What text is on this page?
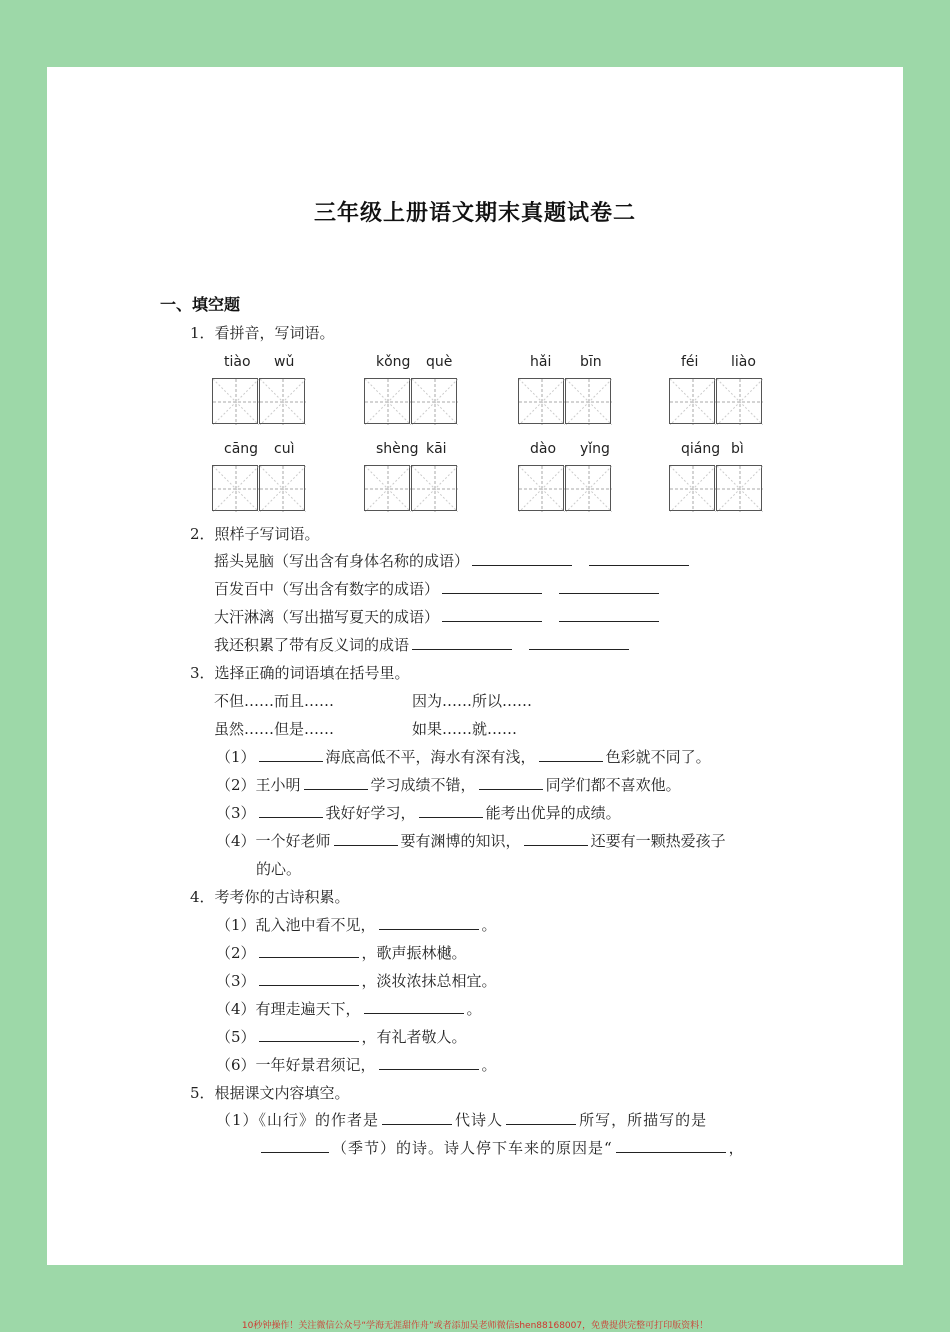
三年级上册语文期末真题试卷二
一、填空题
1．看拼音，写词语。
tiào wǔ	kǒng què	hǎi bīn	féi liào
cāng cuì	shèng kāi	dào yǐng	qiáng bì
2．照样子写词语。
摇头晃脑（写出含有身体名称的成语）
百发百中（写出含有数字的成语）
大汗淋漓（写出描写夏天的成语）
我还积累了带有反义词的成语
3．选择正确的词语填在括号里。
不但……而且……	因为……所以……
虽然……但是……	如果……就……
（1）	海底高低不平，海水有深有浅，	色彩就不同了。
（2）王小明	学习成绩不错，	同学们都不喜欢他。
（3）	我好好学习，	能考出优异的成绩。
（4）一个好老师	要有渊博的知识，	还要有一颗热爱孩子
的心。
4．考考你的古诗积累。
（1）乱入池中看不见，	。
（2）	，歌声振林樾。
（3）	，淡妆浓抹总相宜。
（4）有理走遍天下，	。
（5）	，有礼者敬人。
（6）一年好景君须记，	。
5．根据课文内容填空。
（1）《山行》的作者是	代诗人	所写，所描写的是
（季节）的诗。诗人停下车来的原因是“	，
10秒钟操作！关注微信公众号“学海无涯甜作舟”或者添加吴老师微信shen88168007，免费提供完整可打印版资料！
